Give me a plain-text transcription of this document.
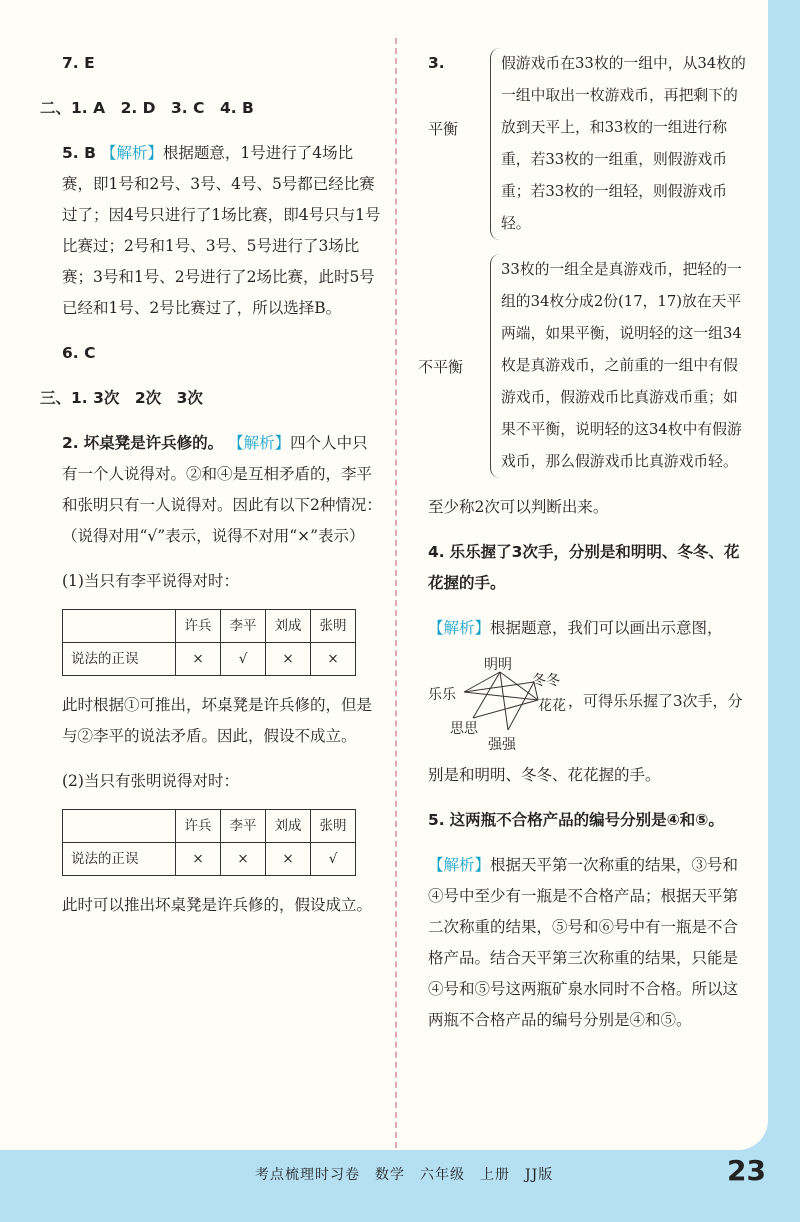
7. E

二、1. A　2. D　3. C　4. B

5. B 【解析】根据题意，1号进行了4场比赛，即1号和2号、3号、4号、5号都已经比赛过了；因4号只进行了1场比赛，即4号只与1号比赛过；2号和1号、3号、5号进行了3场比赛；3号和1号、2号进行了2场比赛，此时5号已经和1号、2号比赛过了，所以选择B。

6. C

三、1. 3次　2次　3次

2. 坏桌凳是许兵修的。 【解析】四个人中只有一个人说得对。②和④是互相矛盾的，李平和张明只有一人说得对。因此有以下2种情况：（说得对用“√”表示，说得不对用“×”表示）

(1)当只有李平说得对时：

	许兵	李平	刘成	张明
说法的正误	×	√	×	×

此时根据①可推出，坏桌凳是许兵修的，但是与②李平的说法矛盾。因此，假设不成立。

(2)当只有张明说得对时：

	许兵	李平	刘成	张明
说法的正误	×	×	×	√

此时可以推出坏桌凳是许兵修的，假设成立。

3.
平衡
假游戏币在33枚的一组中，从34枚的一组中取出一枚游戏币，再把剩下的放到天平上，和33枚的一组进行称重，若33枚的一组重，则假游戏币重；若33枚的一组轻，则假游戏币轻。
不平衡
33枚的一组全是真游戏币，把轻的一组的34枚分成2份(17，17)放在天平两端，如果平衡，说明轻的这一组34枚是真游戏币，之前重的一组中有假游戏币，假游戏币比真游戏币重；如果不平衡，说明轻的这34枚中有假游戏币，那么假游戏币比真游戏币轻。

至少称2次可以判断出来。

4. 乐乐握了3次手，分别是和明明、冬冬、花花握的手。

【解析】根据题意，我们可以画出示意图，

乐乐
明明
冬冬
花花
思思
强强
，可得乐乐握了3次手，分

别是和明明、冬冬、花花握的手。

5. 这两瓶不合格产品的编号分别是④和⑤。

【解析】根据天平第一次称重的结果，③号和④号中至少有一瓶是不合格产品；根据天平第二次称重的结果，⑤号和⑥号中有一瓶是不合格产品。结合天平第三次称重的结果，只能是④号和⑤号这两瓶矿泉水同时不合格。所以这两瓶不合格产品的编号分别是④和⑤。

考点梳理时习卷　数学　六年级　上册　JJ版	23
